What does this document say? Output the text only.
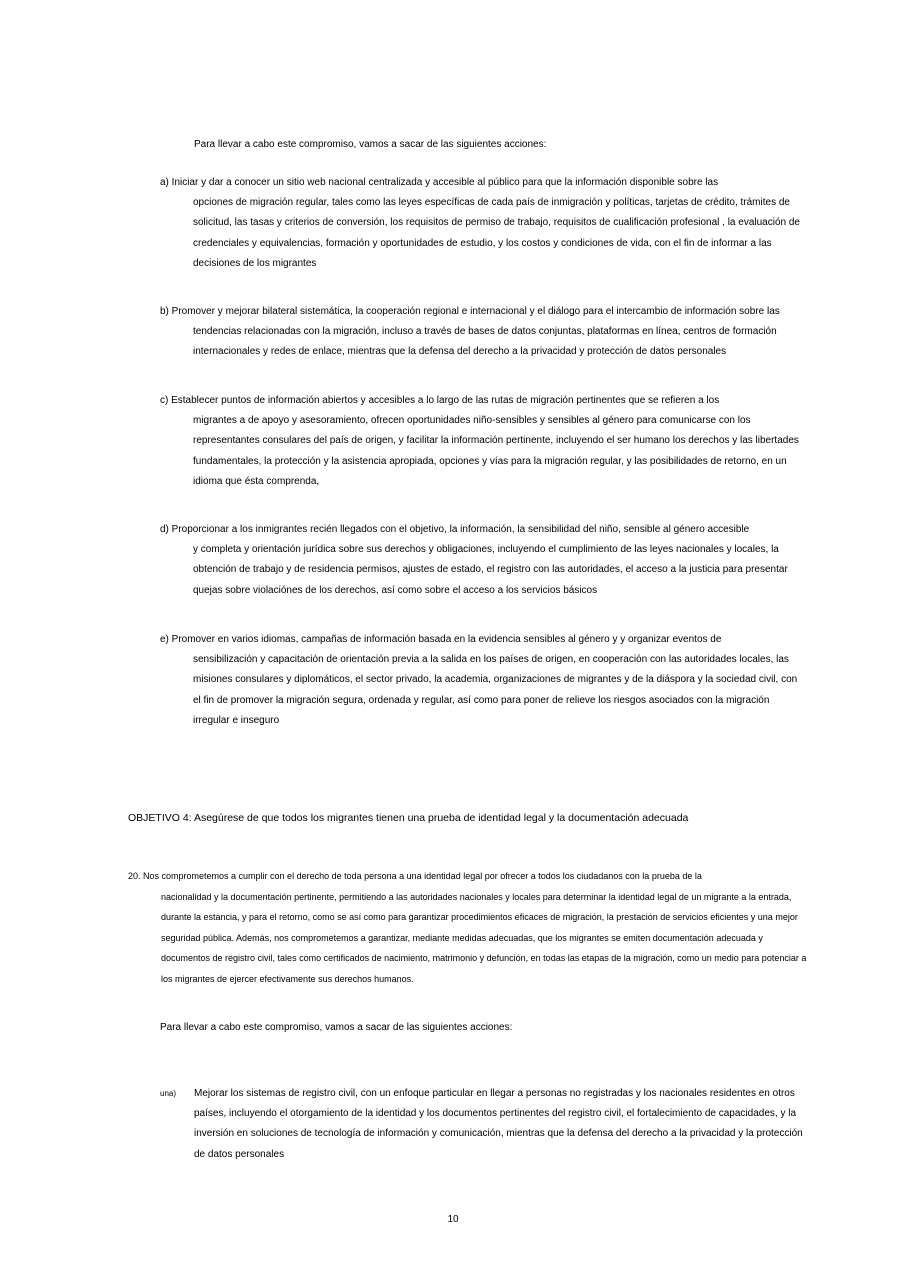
Para llevar a cabo este compromiso, vamos a sacar de las siguientes acciones:

a) Iniciar y dar a conocer un sitio web nacional centralizada y accesible al público para que la información disponible sobre las
opciones de migración regular, tales como las leyes específicas de cada país de inmigración y políticas, tarjetas de crédito, trámites de solicitud, las tasas y criterios de conversión, los requisitos de permiso de trabajo, requisitos de cualificación profesional , la evaluación de credenciales y equivalencias, formación y oportunidades de estudio, y los costos y condiciones de vida, con el fin de informar a las decisiones de los migrantes
b) Promover y mejorar bilateral sistemática, la cooperación regional e internacional y el diálogo para el intercambio de información sobre las
tendencias relacionadas con la migración, incluso a través de bases de datos conjuntas, plataformas en línea, centros de formación internacionales y redes de enlace, mientras que la defensa del derecho a la privacidad y protección de datos personales
c) Establecer puntos de información abiertos y accesibles a lo largo de las rutas de migración pertinentes que se refieren a los
migrantes a de apoyo y asesoramiento, ofrecen oportunidades niño-sensibles y sensibles al género para comunicarse con los representantes consulares del país de origen, y facilitar la información pertinente, incluyendo el ser humano los derechos y las libertades fundamentales, la protección y la asistencia apropiada, opciones y vías para la migración regular, y las posibilidades de retorno, en un idioma que ésta comprenda,
d) Proporcionar a los inmigrantes recién llegados con el objetivo, la información, la sensibilidad del niño, sensible al género accesible
y completa y orientación jurídica sobre sus derechos y obligaciones, incluyendo el cumplimiento de las leyes nacionales y locales, la obtención de trabajo y de residencia permisos, ajustes de estado, el registro con las autoridades, el acceso a la justicia para presentar quejas sobre violaciónes de los derechos, así como sobre el acceso a los servicios básicos
e) Promover en varios idiomas, campañas de información basada en la evidencia sensibles al género y y organizar eventos de
sensibilización y capacitación de orientación previa a la salida en los países de origen, en cooperación con las autoridades locales, las misiones consulares y diplomáticos, el sector privado, la academia, organizaciones de migrantes y de la diáspora y la sociedad civil, con el fin de promover la migración segura, ordenada y regular, así como para poner de relieve los riesgos asociados con la migración irregular e inseguro
OBJETIVO 4: Asegúrese de que todos los migrantes tienen una prueba de identidad legal y la documentación adecuada
20. Nos comprometemos a cumplir con el derecho de toda persona a una identidad legal por ofrecer a todos los ciudadanos con la prueba de la
nacionalidad y la documentación pertinente, permitiendo a las autoridades nacionales y locales para determinar la identidad legal de un migrante a la entrada, durante la estancia, y para el retorno, como se así como para garantizar procedimientos eficaces de migración, la prestación de servicios eficientes y una mejor seguridad pública. Además, nos comprometemos a garantizar, mediante medidas adecuadas, que los migrantes se emiten documentación adecuada y documentos de registro civil, tales como certificados de nacimiento, matrimonio y defunción, en todas las etapas de la migración, como un medio para potenciar a los migrantes de ejercer efectivamente sus derechos humanos.

Para llevar a cabo este compromiso, vamos a sacar de las siguientes acciones:

una) Mejorar los sistemas de registro civil, con un enfoque particular en llegar a personas no registradas y los nacionales residentes en otros países, incluyendo el otorgamiento de la identidad y los documentos pertinentes del registro civil, el fortalecimiento de capacidades, y la inversión en soluciones de tecnología de información y comunicación, mientras que la defensa del derecho a la privacidad y la protección de datos personales
10
